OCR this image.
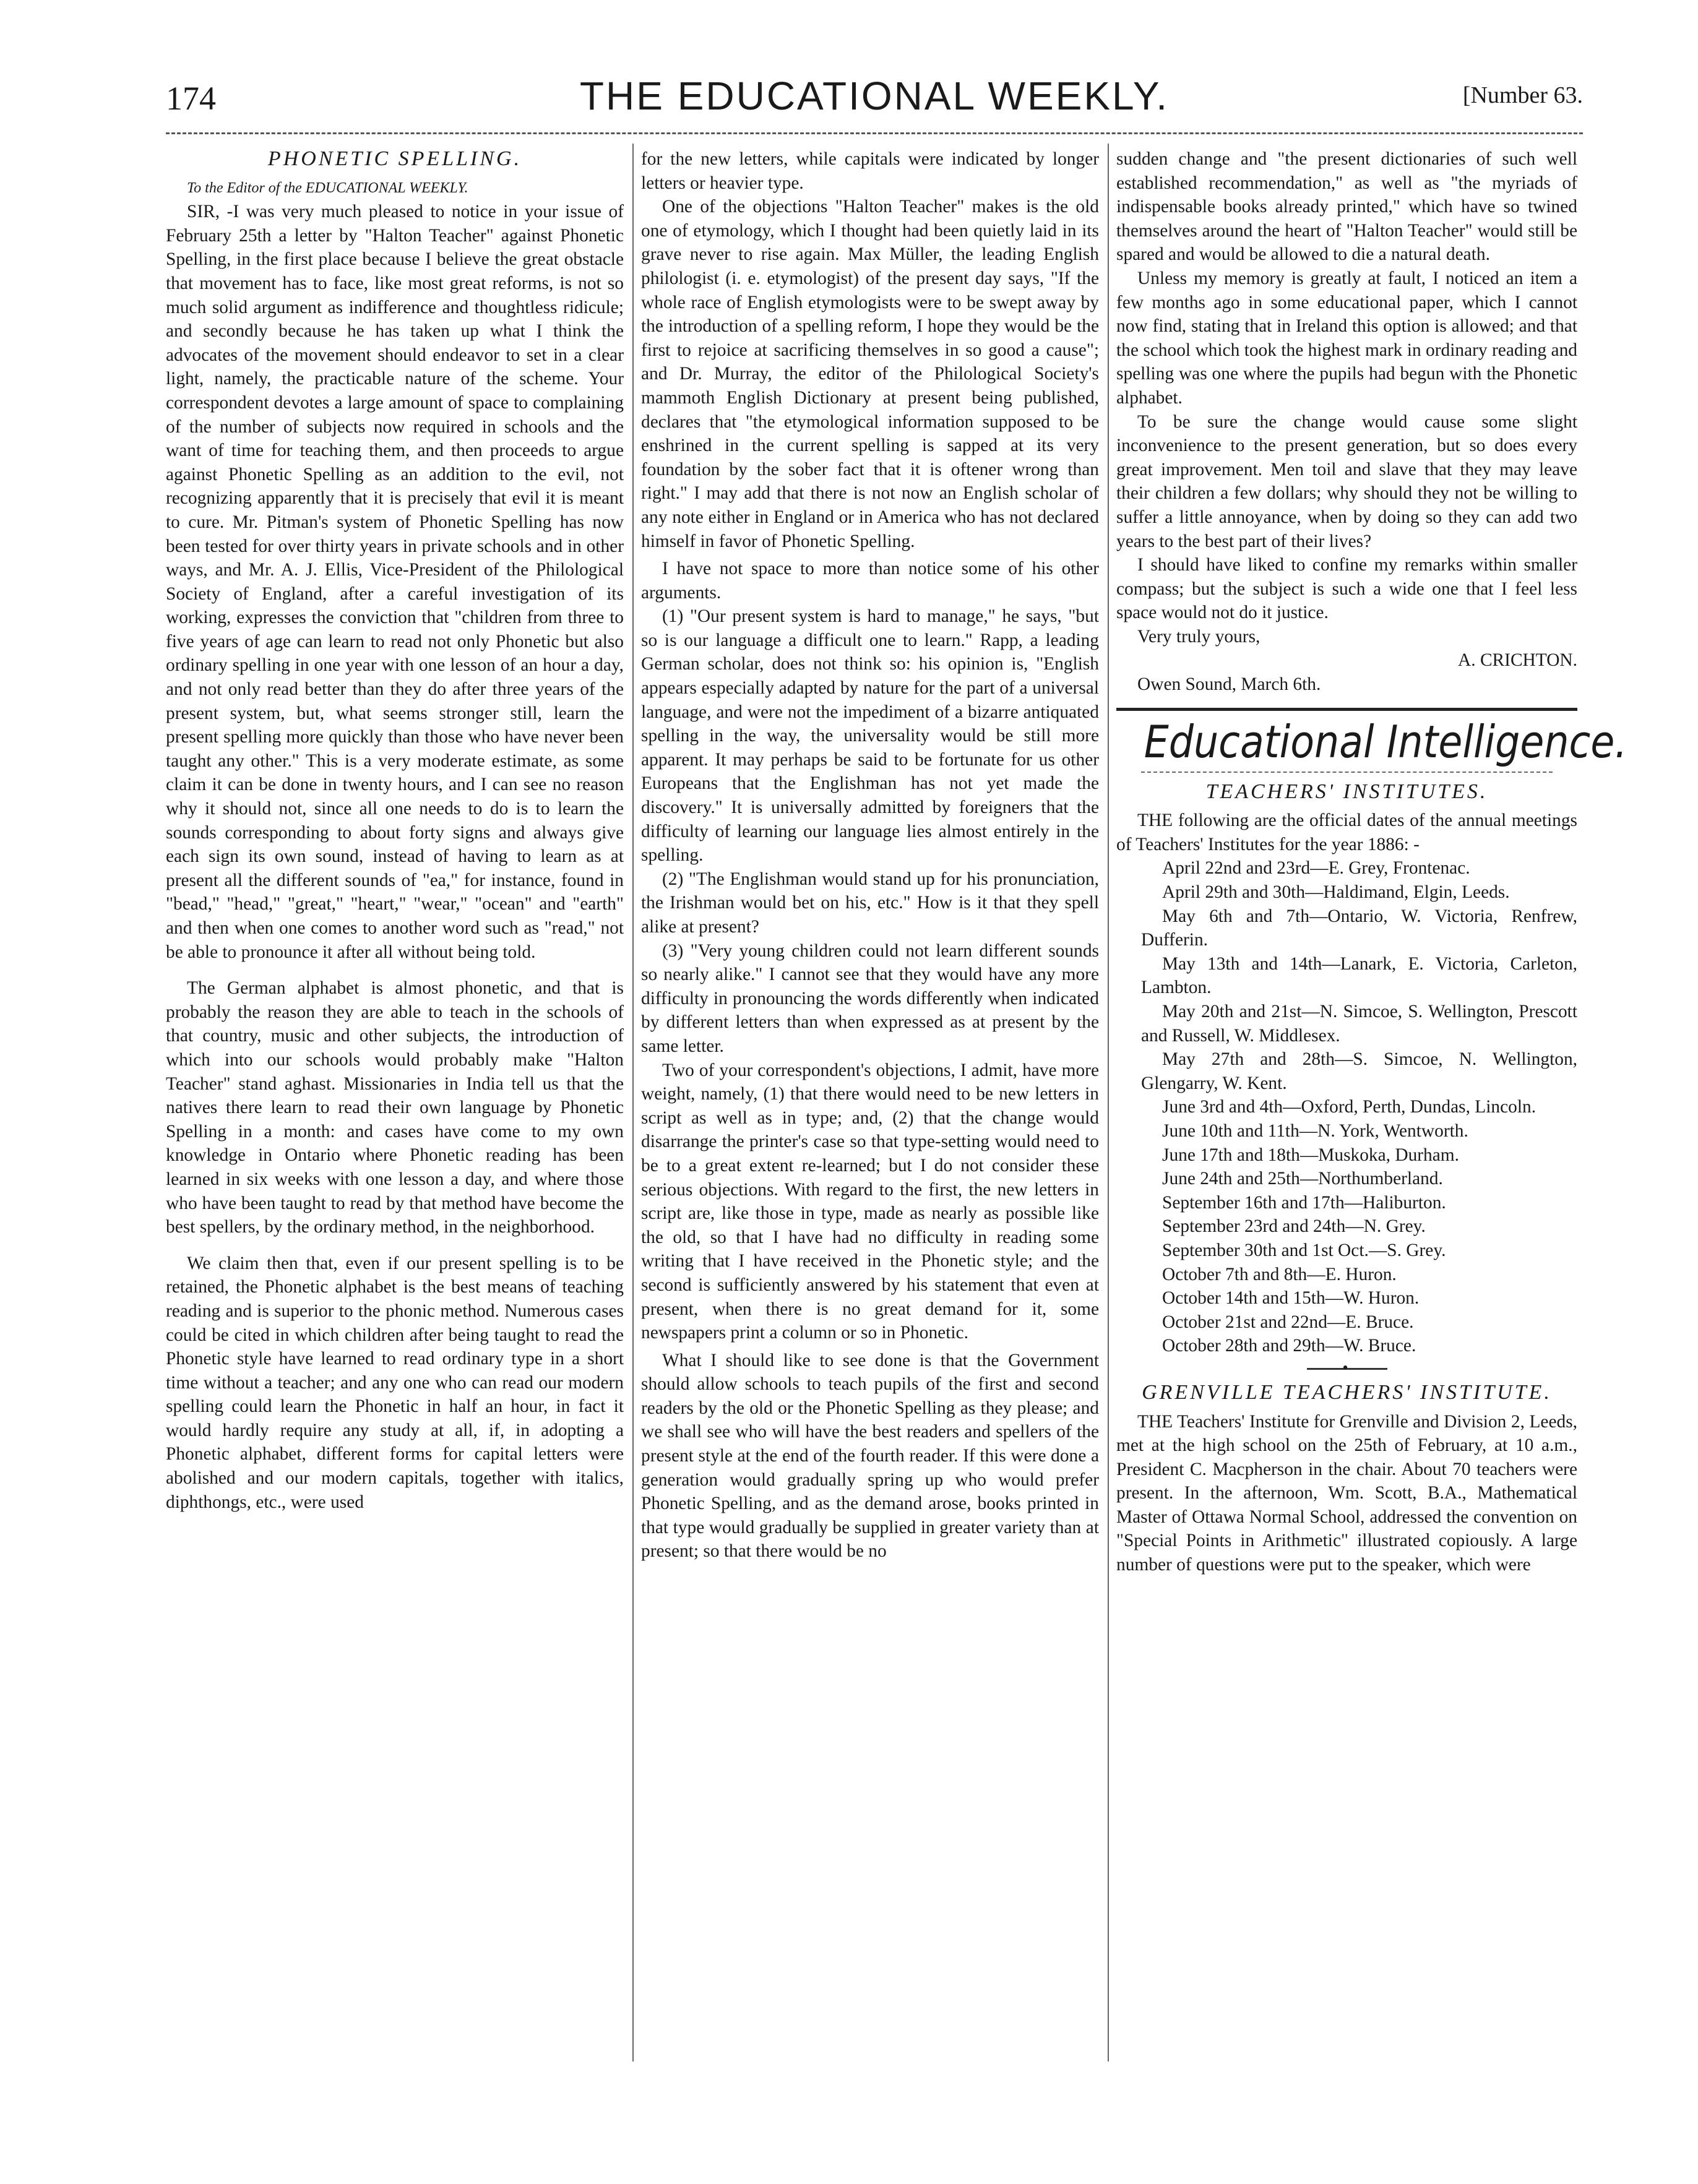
174	THE EDUCATIONAL WEEKLY.	[Number 63.
PHONETIC SPELLING.

To the Editor of the EDUCATIONAL WEEKLY.

SIR, -I was very much pleased to notice in your issue of February 25th a letter by "Halton Teacher" against Phonetic Spelling, in the first place because I believe the great obstacle that movement has to face, like most great reforms, is not so much solid argument as indifference and thoughtless ridicule; and secondly because he has taken up what I think the advocates of the movement should endeavor to set in a clear light, namely, the practicable nature of the scheme. Your correspondent devotes a large amount of space to complaining of the number of subjects now required in schools and the want of time for teaching them, and then proceeds to argue against Phonetic Spelling as an addition to the evil, not recognizing apparently that it is precisely that evil it is meant to cure. Mr. Pitman's system of Phonetic Spelling has now been tested for over thirty years in private schools and in other ways, and Mr. A. J. Ellis, Vice-President of the Philological Society of England, after a careful investigation of its working, expresses the conviction that "children from three to five years of age can learn to read not only Phonetic but also ordinary spelling in one year with one lesson of an hour a day, and not only read better than they do after three years of the present system, but, what seems stronger still, learn the present spelling more quickly than those who have never been taught any other." This is a very moderate estimate, as some claim it can be done in twenty hours, and I can see no reason why it should not, since all one needs to do is to learn the sounds corresponding to about forty signs and always give each sign its own sound, instead of having to learn as at present all the different sounds of "ea," for instance, found in "bead," "head," "great," "heart," "wear," "ocean" and "earth" and then when one comes to another word such as "read," not be able to pronounce it after all without being told.

The German alphabet is almost phonetic, and that is probably the reason they are able to teach in the schools of that country, music and other subjects, the introduction of which into our schools would probably make "Halton Teacher" stand aghast. Missionaries in India tell us that the natives there learn to read their own language by Phonetic Spelling in a month: and cases have come to my own knowledge in Ontario where Phonetic reading has been learned in six weeks with one lesson a day, and where those who have been taught to read by that method have become the best spellers, by the ordinary method, in the neighborhood.

We claim then that, even if our present spelling is to be retained, the Phonetic alphabet is the best means of teaching reading and is superior to the phonic method. Numerous cases could be cited in which children after being taught to read the Phonetic style have learned to read ordinary type in a short time without a teacher; and any one who can read our modern spelling could learn the Phonetic in half an hour, in fact it would hardly require any study at all, if, in adopting a Phonetic alphabet, different forms for capital letters were abolished and our modern capitals, together with italics, diphthongs, etc., were used

for the new letters, while capitals were indicated by longer letters or heavier type.

One of the objections "Halton Teacher" makes is the old one of etymology, which I thought had been quietly laid in its grave never to rise again. Max Müller, the leading English philologist (i. e. etymologist) of the present day says, "If the whole race of English etymologists were to be swept away by the introduction of a spelling reform, I hope they would be the first to rejoice at sacrificing themselves in so good a cause"; and Dr. Murray, the editor of the Philological Society's mammoth English Dictionary at present being published, declares that "the etymological information supposed to be enshrined in the current spelling is sapped at its very foundation by the sober fact that it is oftener wrong than right." I may add that there is not now an English scholar of any note either in England or in America who has not declared himself in favor of Phonetic Spelling.

I have not space to more than notice some of his other arguments.

(1) "Our present system is hard to manage," he says, "but so is our language a difficult one to learn." Rapp, a leading German scholar, does not think so: his opinion is, "English appears especially adapted by nature for the part of a universal language, and were not the impediment of a bizarre antiquated spelling in the way, the universality would be still more apparent. It may perhaps be said to be fortunate for us other Europeans that the Englishman has not yet made the discovery." It is universally admitted by foreigners that the difficulty of learning our language lies almost entirely in the spelling.

(2) "The Englishman would stand up for his pronunciation, the Irishman would bet on his, etc." How is it that they spell alike at present?

(3) "Very young children could not learn different sounds so nearly alike." I cannot see that they would have any more difficulty in pronouncing the words differently when indicated by different letters than when expressed as at present by the same letter.

Two of your correspondent's objections, I admit, have more weight, namely, (1) that there would need to be new letters in script as well as in type; and, (2) that the change would disarrange the printer's case so that type-setting would need to be to a great extent re-learned; but I do not consider these serious objections. With regard to the first, the new letters in script are, like those in type, made as nearly as possible like the old, so that I have had no difficulty in reading some writing that I have received in the Phonetic style; and the second is sufficiently answered by his statement that even at present, when there is no great demand for it, some newspapers print a column or so in Phonetic.

What I should like to see done is that the Government should allow schools to teach pupils of the first and second readers by the old or the Phonetic Spelling as they please; and we shall see who will have the best readers and spellers of the present style at the end of the fourth reader. If this were done a generation would gradually spring up who would prefer Phonetic Spelling, and as the demand arose, books printed in that type would gradually be supplied in greater variety than at present; so that there would be no

sudden change and "the present dictionaries of such well established recommendation," as well as "the myriads of indispensable books already printed," which have so twined themselves around the heart of "Halton Teacher" would still be spared and would be allowed to die a natural death.

Unless my memory is greatly at fault, I noticed an item a few months ago in some educational paper, which I cannot now find, stating that in Ireland this option is allowed; and that the school which took the highest mark in ordinary reading and spelling was one where the pupils had begun with the Phonetic alphabet.

To be sure the change would cause some slight inconvenience to the present generation, but so does every great improvement. Men toil and slave that they may leave their children a few dollars; why should they not be willing to suffer a little annoyance, when by doing so they can add two years to the best part of their lives?

I should have liked to confine my remarks within smaller compass; but the subject is such a wide one that I feel less space would not do it justice.

Very truly yours,

A. CRICHTON.

Owen Sound, March 6th.

Educational Intelligence.
TEACHERS' INSTITUTES.

THE following are the official dates of the annual meetings of Teachers' Institutes for the year 1886: -

April 22nd and 23rd—E. Grey, Frontenac.

April 29th and 30th—Haldimand, Elgin, Leeds.

May 6th and 7th—Ontario, W. Victoria, Renfrew, Dufferin.

May 13th and 14th—Lanark, E. Victoria, Carleton, Lambton.

May 20th and 21st—N. Simcoe, S. Wellington, Prescott and Russell, W. Middlesex.

May 27th and 28th—S. Simcoe, N. Wellington, Glengarry, W. Kent.

June 3rd and 4th—Oxford, Perth, Dundas, Lincoln.

June 10th and 11th—N. York, Wentworth.

June 17th and 18th—Muskoka, Durham.

June 24th and 25th—Northumberland.

September 16th and 17th—Haliburton.

September 23rd and 24th—N. Grey.

September 30th and 1st Oct.—S. Grey.

October 7th and 8th—E. Huron.

October 14th and 15th—W. Huron.

October 21st and 22nd—E. Bruce.

October 28th and 29th—W. Bruce.

•
GRENVILLE TEACHERS' INSTITUTE.

THE Teachers' Institute for Grenville and Division 2, Leeds, met at the high school on the 25th of February, at 10 a.m., President C. Macpherson in the chair. About 70 teachers were present. In the afternoon, Wm. Scott, B.A., Mathematical Master of Ottawa Normal School, addressed the convention on "Special Points in Arithmetic" illustrated copiously. A large number of questions were put to the speaker, which were
